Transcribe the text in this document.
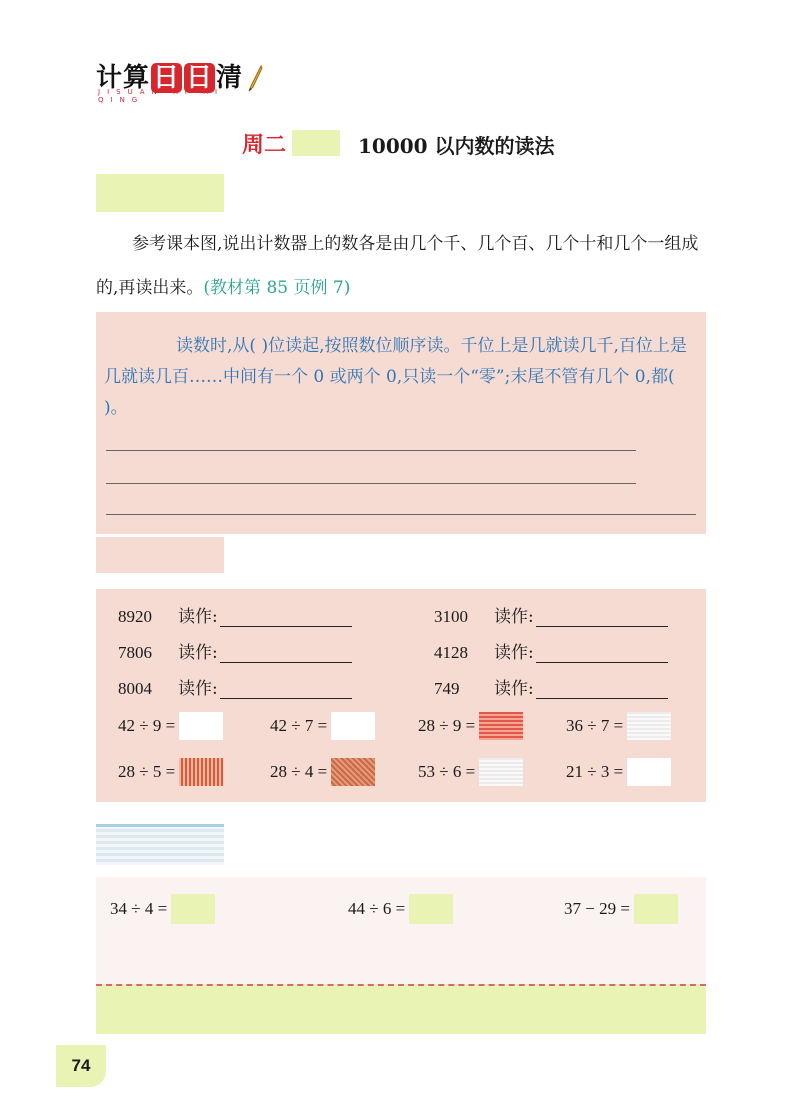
计算 日 日 清
JISUAN RI RI QING
周二	10000 以内数的读法
参考课本图,说出计数器上的数各是由几个千、几个百、几个十和几个一组成的,再读出来。(教材第 85 页例 7)
读数时,从( )位读起,按照数位顺序读。千位上是几就读几千,百位上是几就读几百……中间有一个 0 或两个 0,只读一个“零”;末尾不管有几个 0,都( )。
8920	读作:	3100	读作:
7806	读作:	4128	读作:
8004	读作:	749	读作:
42 ÷ 9 =	42 ÷ 7 =	28 ÷ 9 =	36 ÷ 7 =
28 ÷ 5 =	28 ÷ 4 =	53 ÷ 6 =	21 ÷ 3 =
34 ÷ 4 =	44 ÷ 6 =	37 − 29 =
74
